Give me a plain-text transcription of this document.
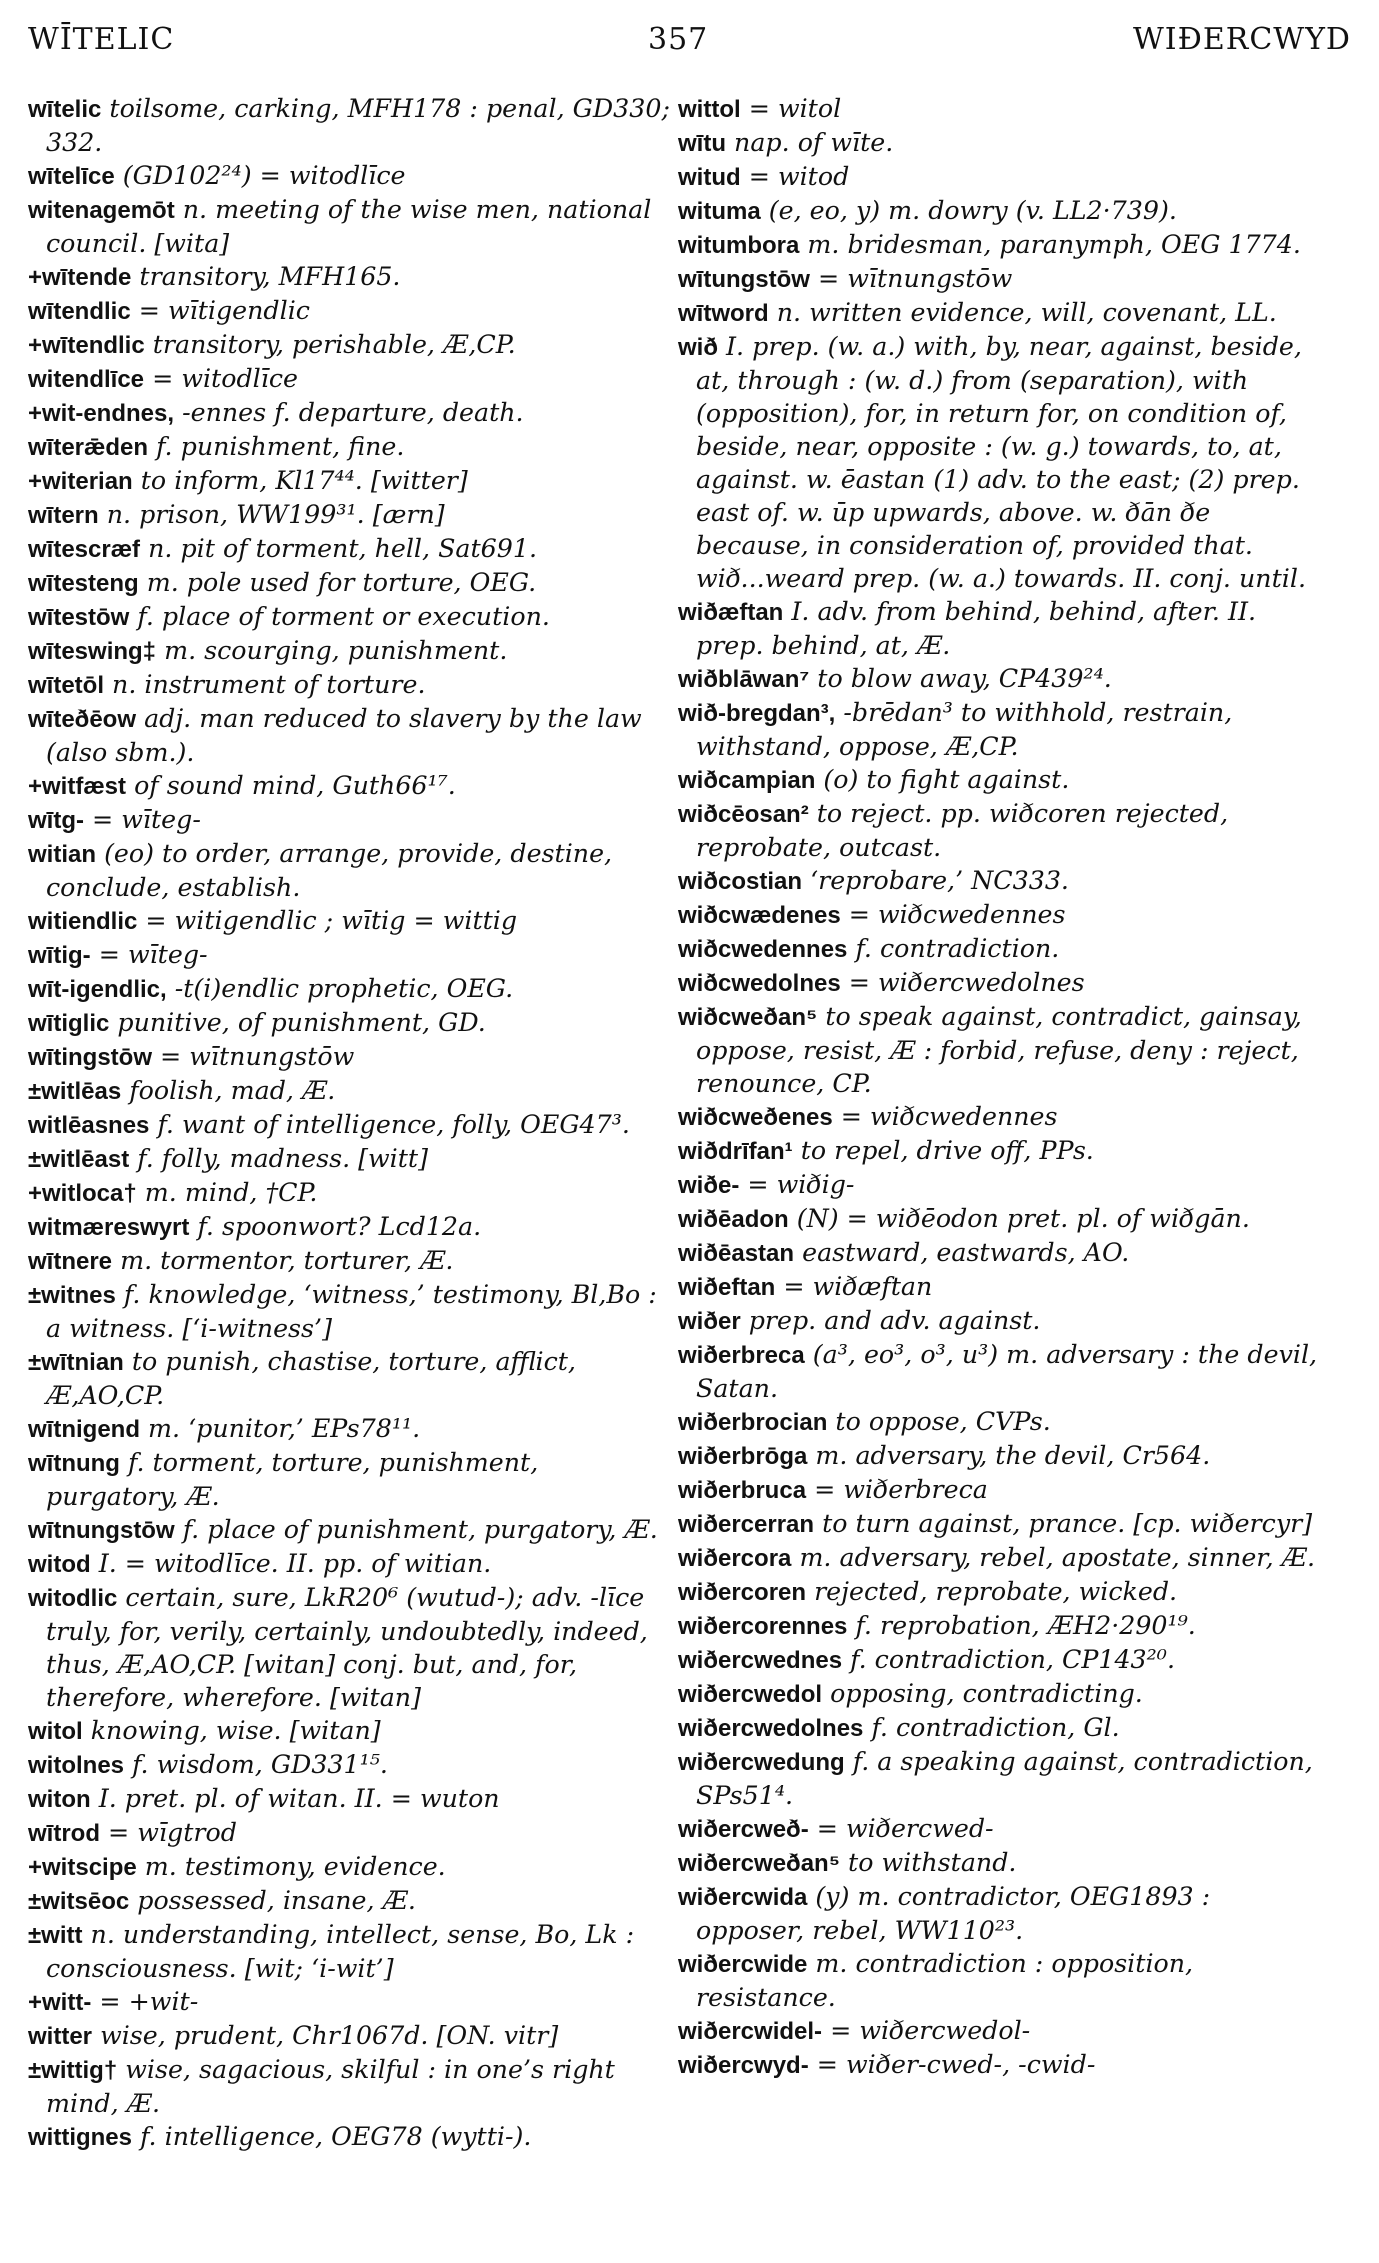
WĪTELIC	357	WIÐERCWYD

wītelic toilsome, carking, MFH178 : penal, GD330; 332.

wītelīce (GD102²⁴) = witodlīce

witenagemōt n. meeting of the wise men, national council. [wita]

+wītende transitory, MFH165.

wītendlic = wītigendlic

+wītendlic transitory, perishable, Æ,CP.

witendlīce = witodlīce

+wit-endnes, -ennes f. departure, death.

wīterǣden f. punishment, fine.

+witerian to inform, Kl17⁴⁴. [witter]

wītern n. prison, WW199³¹. [ærn]

wītescræf n. pit of torment, hell, Sat691.

wītesteng m. pole used for torture, OEG.

wītestōw f. place of torment or execution.

wīteswing‡ m. scourging, punishment.

wītetōl n. instrument of torture.

wīteðēow adj. man reduced to slavery by the law (also sbm.).

+witfæst of sound mind, Guth66¹⁷.

wītg- = wīteg-

witian (eo) to order, arrange, provide, destine, conclude, establish.

witiendlic = witigendlic ; wītig = wittig

wītig- = wīteg-

wīt-igendlic, -t(i)endlic prophetic, OEG.

wītiglic punitive, of punishment, GD.

wītingstōw = wītnungstōw

±witlēas foolish, mad, Æ.

witlēasnes f. want of intelligence, folly, OEG47³.

±witlēast f. folly, madness. [witt]

+witloca† m. mind, †CP.

witmæreswyrt f. spoonwort? Lcd12a.

wītnere m. tormentor, torturer, Æ.

±witnes f. knowledge, ‘witness,’ testimony, Bl,Bo : a witness. [‘i-witness’]

±wītnian to punish, chastise, torture, afflict, Æ,AO,CP.

wītnigend m. ‘punitor,’ EPs78¹¹.

wītnung f. torment, torture, punishment, purgatory, Æ.

wītnungstōw f. place of punishment, purgatory, Æ.

witod I. = witodlīce. II. pp. of witian.

witodlic certain, sure, LkR20⁶ (wutud-); adv. -līce truly, for, verily, certainly, undoubtedly, indeed, thus, Æ,AO,CP. [witan] conj. but, and, for, therefore, wherefore. [witan]

witol knowing, wise. [witan]

witolnes f. wisdom, GD331¹⁵.

witon I. pret. pl. of witan. II. = wuton

wītrod = wīgtrod

+witscipe m. testimony, evidence.

±witsēoc possessed, insane, Æ.

±witt n. understanding, intellect, sense, Bo, Lk : consciousness. [wit; ‘i-wit’]

+witt- = +wit-

witter wise, prudent, Chr1067d. [ON. vitr]

±wittig† wise, sagacious, skilful : in one’s right mind, Æ.

wittignes f. intelligence, OEG78 (wytti-).

wittol = witol

wītu nap. of wīte.

witud = witod

wituma (e, eo, y) m. dowry (v. LL2·739).

witumbora m. bridesman, paranymph, OEG 1774.

wītungstōw = wītnungstōw

wītword n. written evidence, will, covenant, LL.

wið I. prep. (w. a.) with, by, near, against, beside, at, through : (w. d.) from (separation), with (opposition), for, in return for, on condition of, beside, near, opposite : (w. g.) towards, to, at, against. w. ēastan (1) adv. to the east; (2) prep. east of. w. ūp upwards, above. w. ðān ðe because, in consideration of, provided that. wið...weard prep. (w. a.) towards. II. conj. until.

wiðæftan I. adv. from behind, behind, after. II. prep. behind, at, Æ.

wiðblāwan⁷ to blow away, CP439²⁴.

wið-bregdan³, -brēdan³ to withhold, restrain, withstand, oppose, Æ,CP.

wiðcampian (o) to fight against.

wiðcēosan² to reject. pp. wiðcoren rejected, reprobate, outcast.

wiðcostian ‘reprobare,’ NC333.

wiðcwædenes = wiðcwedennes

wiðcwedennes f. contradiction.

wiðcwedolnes = wiðercwedolnes

wiðcweðan⁵ to speak against, contradict, gainsay, oppose, resist, Æ : forbid, refuse, deny : reject, renounce, CP.

wiðcweðenes = wiðcwedennes

wiðdrīfan¹ to repel, drive off, PPs.

wiðe- = wiðig-

wiðēadon (N) = wiðēodon pret. pl. of wiðgān.

wiðēastan eastward, eastwards, AO.

wiðeftan = wiðæftan

wiðer prep. and adv. against.

wiðerbreca (a³, eo³, o³, u³) m. adversary : the devil, Satan.

wiðerbrocian to oppose, CVPs.

wiðerbrōga m. adversary, the devil, Cr564.

wiðerbruca = wiðerbreca

wiðercerran to turn against, prance. [cp. wiðercyr]

wiðercora m. adversary, rebel, apostate, sinner, Æ.

wiðercoren rejected, reprobate, wicked.

wiðercorennes f. reprobation, ÆH2·290¹⁹.

wiðercwednes f. contradiction, CP143²⁰.

wiðercwedol opposing, contradicting.

wiðercwedolnes f. contradiction, Gl.

wiðercwedung f. a speaking against, contradiction, SPs51⁴.

wiðercweð- = wiðercwed-

wiðercweðan⁵ to withstand.

wiðercwida (y) m. contradictor, OEG1893 : opposer, rebel, WW110²³.

wiðercwide m. contradiction : opposition, resistance.

wiðercwidel- = wiðercwedol-

wiðercwyd- = wiðer-cwed-, -cwid-
